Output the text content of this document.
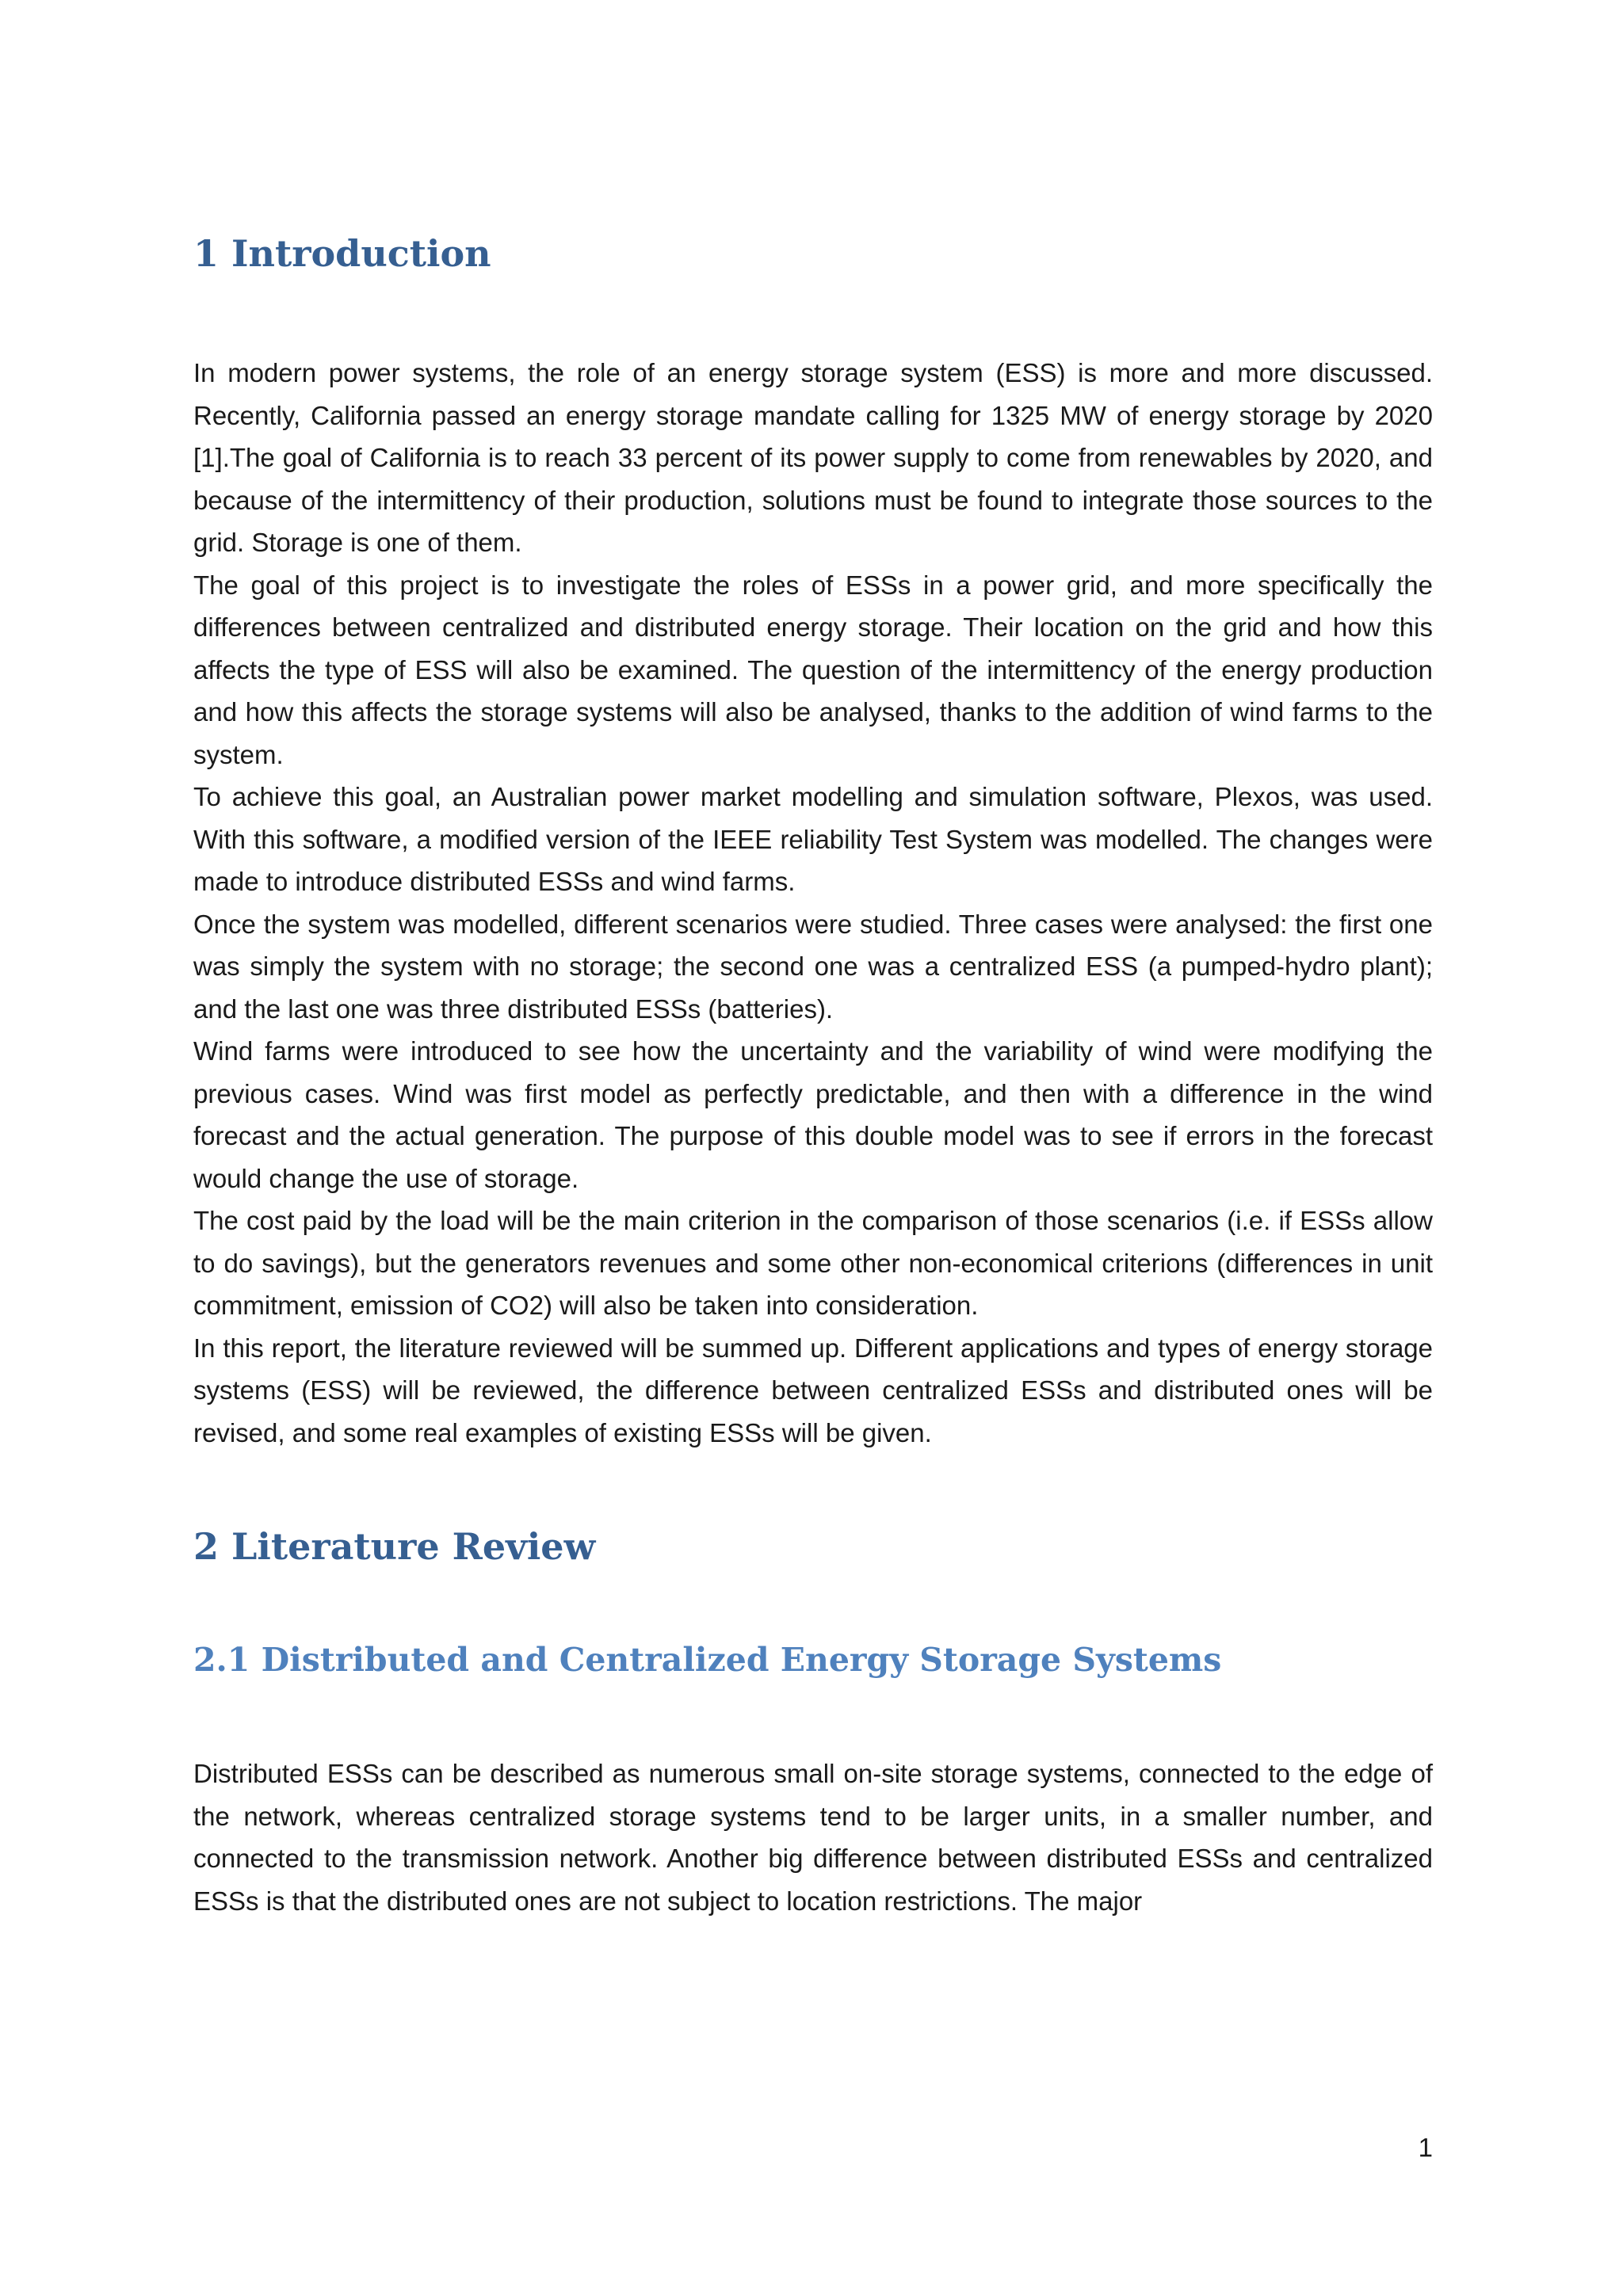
1 Introduction

In modern power systems, the role of an energy storage system (ESS) is more and more discussed. Recently, California passed an energy storage mandate calling for 1325 MW of energy storage by 2020 [1].The goal of California is to reach 33 percent of its power supply to come from renewables by 2020, and because of the intermittency of their production, solutions must be found to integrate those sources to the grid. Storage is one of them.

The goal of this project is to investigate the roles of ESSs in a power grid, and more specifically the differences between centralized and distributed energy storage. Their location on the grid and how this affects the type of ESS will also be examined. The question of the intermittency of the energy production and how this affects the storage systems will also be analysed, thanks to the addition of wind farms to the system.

To achieve this goal, an Australian power market modelling and simulation software, Plexos, was used. With this software, a modified version of the IEEE reliability Test System was modelled. The changes were made to introduce distributed ESSs and wind farms.

Once the system was modelled, different scenarios were studied. Three cases were analysed: the first one was simply the system with no storage; the second one was a centralized ESS (a pumped-hydro plant); and the last one was three distributed ESSs (batteries).

Wind farms were introduced to see how the uncertainty and the variability of wind were modifying the previous cases. Wind was first model as perfectly predictable, and then with a difference in the wind forecast and the actual generation. The purpose of this double model was to see if errors in the forecast would change the use of storage.

The cost paid by the load will be the main criterion in the comparison of those scenarios (i.e. if ESSs allow to do savings), but the generators revenues and some other non-economical criterions (differences in unit commitment, emission of CO2) will also be taken into consideration.

In this report, the literature reviewed will be summed up. Different applications and types of energy storage systems (ESS) will be reviewed, the difference between centralized ESSs and distributed ones will be revised, and some real examples of existing ESSs will be given.

2 Literature Review
2.1 Distributed and Centralized Energy Storage Systems

Distributed ESSs can be described as numerous small on-site storage systems, connected to the edge of the network, whereas centralized storage systems tend to be larger units, in a smaller number, and connected to the transmission network. Another big difference between distributed ESSs and centralized ESSs is that the distributed ones are not subject to location restrictions. The major

1
